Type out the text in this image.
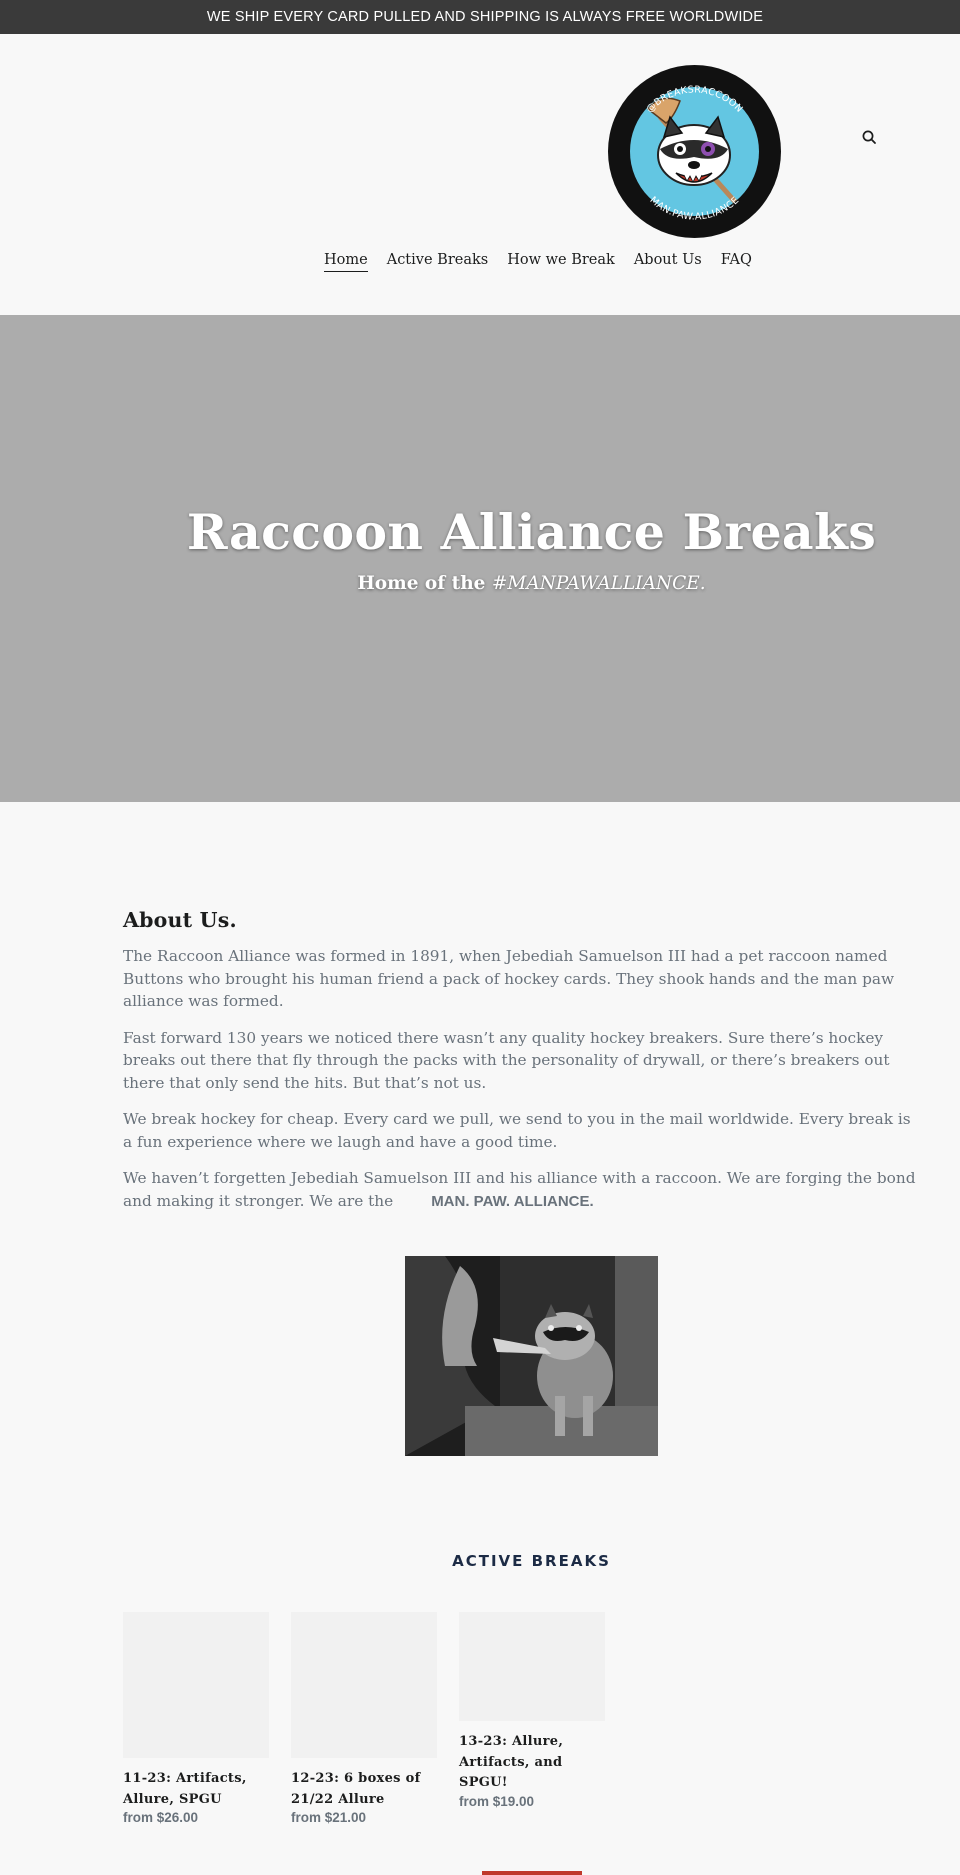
WE SHIP EVERY CARD PULLED AND SHIPPING IS ALWAYS FREE WORLDWIDE
@BREAKSRACCOON
MAN.PAW.ALLIANCE
Home Active Breaks How we Break About Us FAQ
Raccoon Alliance Breaks

Home of the #MANPAWALLIANCE.

About Us.

The Raccoon Alliance was formed in 1891, when Jebediah Samuelson III had a pet raccoon named Buttons who brought his human friend a pack of hockey cards. They shook hands and the man paw alliance was formed.

Fast forward 130 years we noticed there wasn’t any quality hockey breakers. Sure there’s hockey breaks out there that fly through the packs with the personality of drywall, or there’s breakers out there that only send the hits. But that’s not us.

We break hockey for cheap. Every card we pull, we send to you in the mail worldwide. Every break is a fun experience where we laugh and have a good time.

We haven’t forgetten Jebediah Samuelson III and his alliance with a raccoon. We are forging the bond and making it stronger. We are the	MAN. PAW. ALLIANCE.

ACTIVE BREAKS
11-23: Artifacts, Allure, SPGU
from $26.00
12-23: 6 boxes of 21/22 Allure
from $21.00
13-23: Allure, Artifacts, and SPGU!
from $19.00
